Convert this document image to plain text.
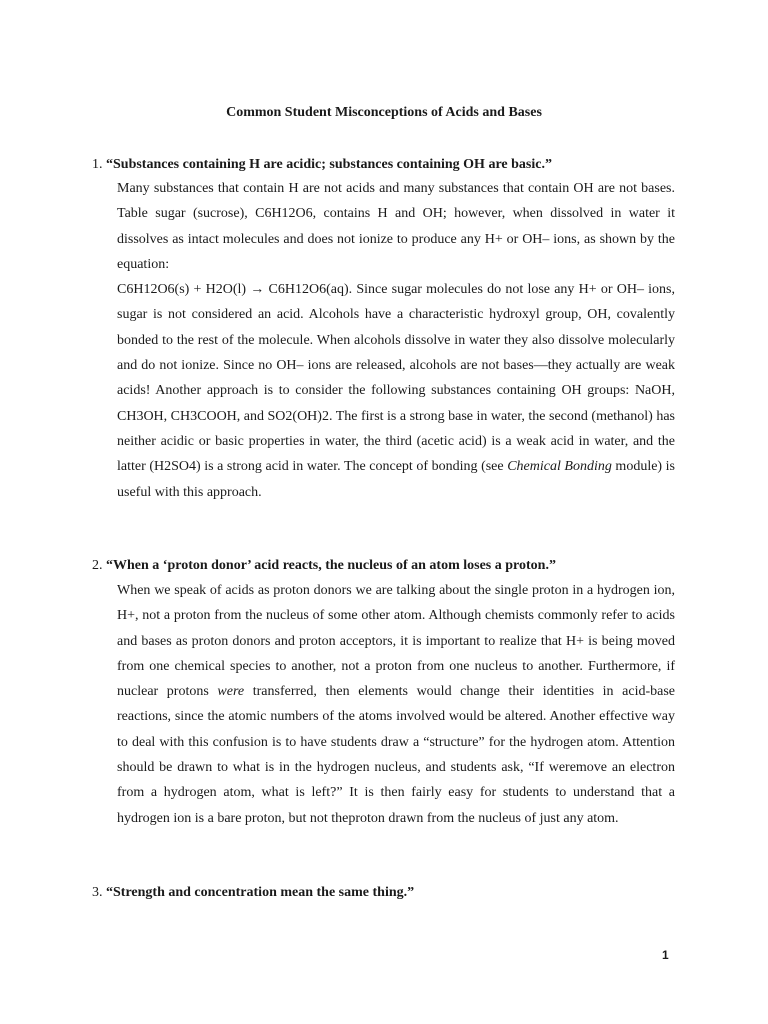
Common Student Misconceptions of Acids and Bases
1. “Substances containing H are acidic; substances containing OH are basic.”

Many substances that contain H are not acids and many substances that contain OH are not bases. Table sugar (sucrose), C6H12O6, contains H and OH; however, when dissolved in water it dissolves as intact molecules and does not ionize to produce any H+ or OH– ions, as shown by the equation:

C6H12O6(s) + H2O(l) → C6H12O6(aq). Since sugar molecules do not lose any H+ or OH– ions, sugar is not considered an acid. Alcohols have a characteristic hydroxyl group, OH, covalently bonded to the rest of the molecule. When alcohols dissolve in water they also dissolve molecularly and do not ionize. Since no OH– ions are released, alcohols are not bases—they actually are weak acids! Another approach is to consider the following substances containing OH groups: NaOH, CH3OH, CH3COOH, and SO2(OH)2. The first is a strong base in water, the second (methanol) has neither acidic or basic properties in water, the third (acetic acid) is a weak acid in water, and the latter (H2SO4) is a strong acid in water. The concept of bonding (see Chemical Bonding module) is useful with this approach.

2. “When a ‘proton donor’ acid reacts, the nucleus of an atom loses a proton.”

When we speak of acids as proton donors we are talking about the single proton in a hydrogen ion, H+, not a proton from the nucleus of some other atom. Although chemists commonly refer to acids and bases as proton donors and proton acceptors, it is important to realize that H+ is being moved from one chemical species to another, not a proton from one nucleus to another. Furthermore, if nuclear protons were transferred, then elements would change their identities in acid-base reactions, since the atomic numbers of the atoms involved would be altered. Another effective way to deal with this confusion is to have students draw a “structure” for the hydrogen atom. Attention should be drawn to what is in the hydrogen nucleus, and students ask, “If weremove an electron from a hydrogen atom, what is left?” It is then fairly easy for students to understand that a hydrogen ion is a bare proton, but not theproton drawn from the nucleus of just any atom.

3. “Strength and concentration mean the same thing.”
1
